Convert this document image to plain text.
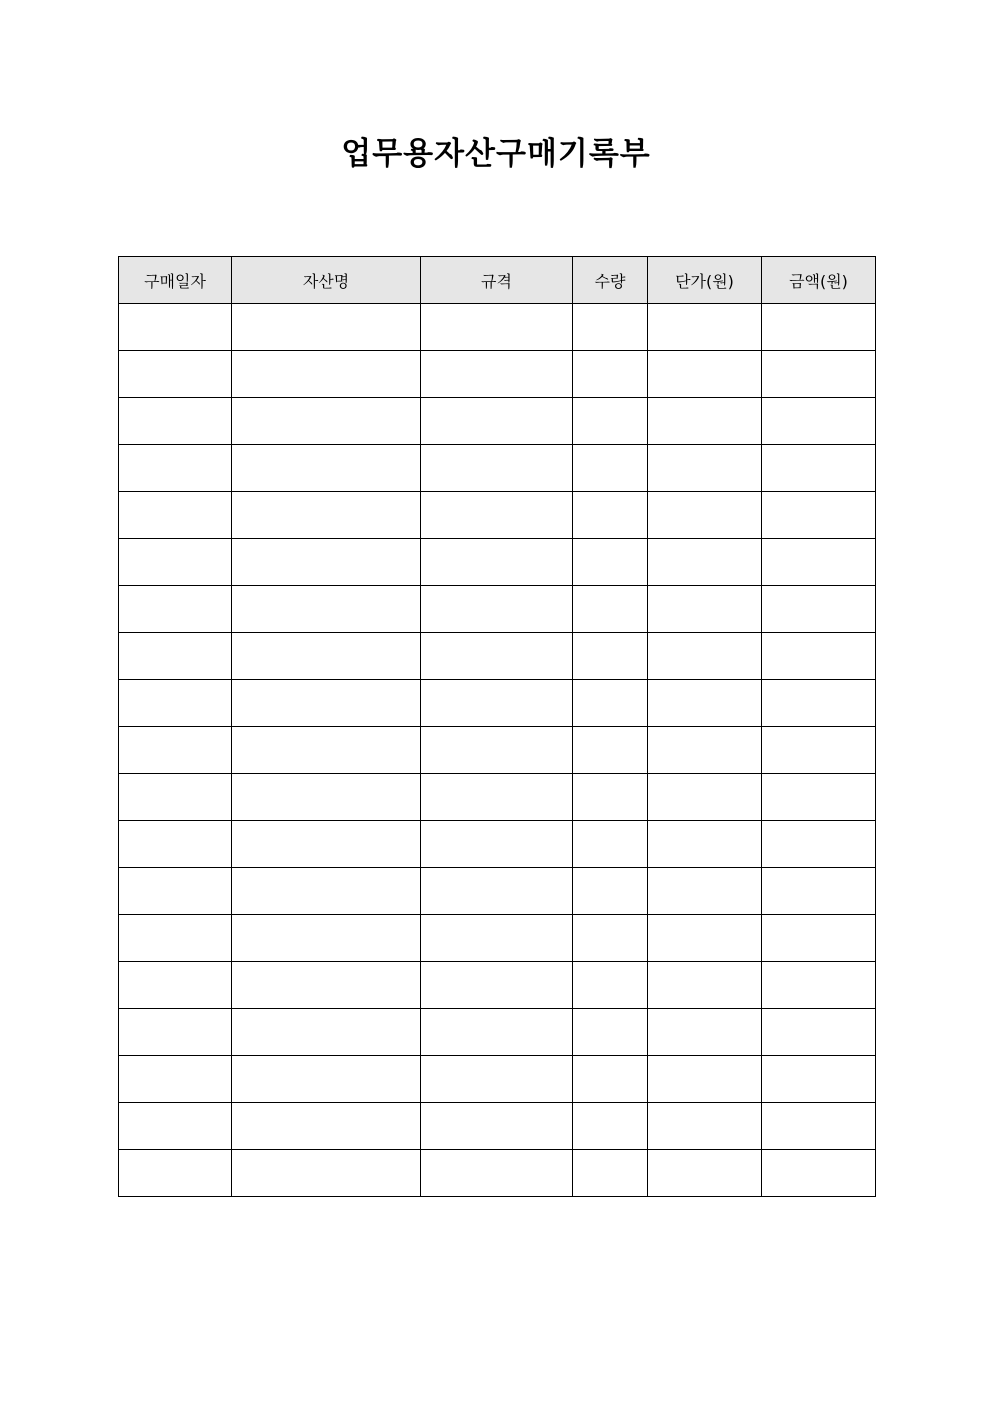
업무용자산구매기록부
구매일자	자산명	규격	수량	단가(원)	금액(원)
